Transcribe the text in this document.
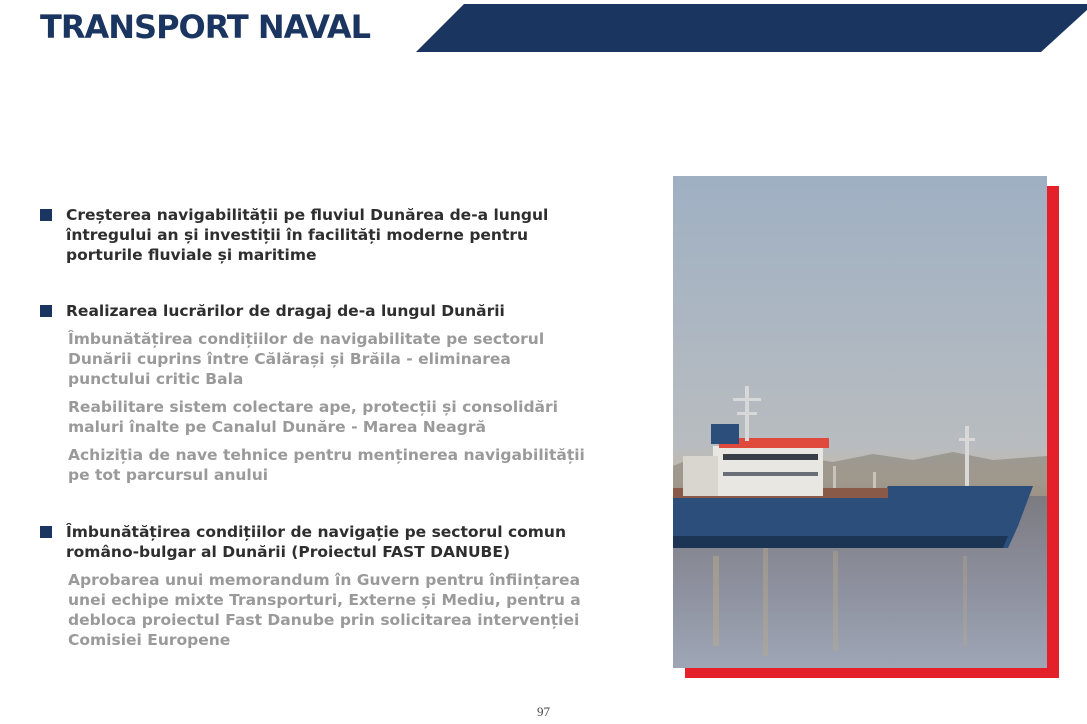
TRANSPORT NAVAL
Creșterea navigabilității pe fluviul Dunărea de-a lungul întregului an și investiții în facilități moderne pentru porturile fluviale și maritime
Realizarea lucrărilor de dragaj de-a lungul Dunării
Îmbunătățirea condițiilor de navigabilitate pe sectorul Dunării cuprins între Călărași și Brăila - eliminarea punctului critic Bala
Reabilitare sistem colectare ape, protecții și consolidări maluri înalte pe Canalul Dunăre - Marea Neagră
Achiziția de nave tehnice pentru menținerea navigabilității pe tot parcursul anului
Îmbunătățirea condițiilor de navigație pe sectorul comun româno-bulgar al Dunării (Proiectul FAST DANUBE)
Aprobarea unui memorandum în Guvern pentru înființarea unei echipe mixte Transporturi, Externe și Mediu, pentru a debloca proiectul Fast Danube prin solicitarea intervenției Comisiei Europene
97
